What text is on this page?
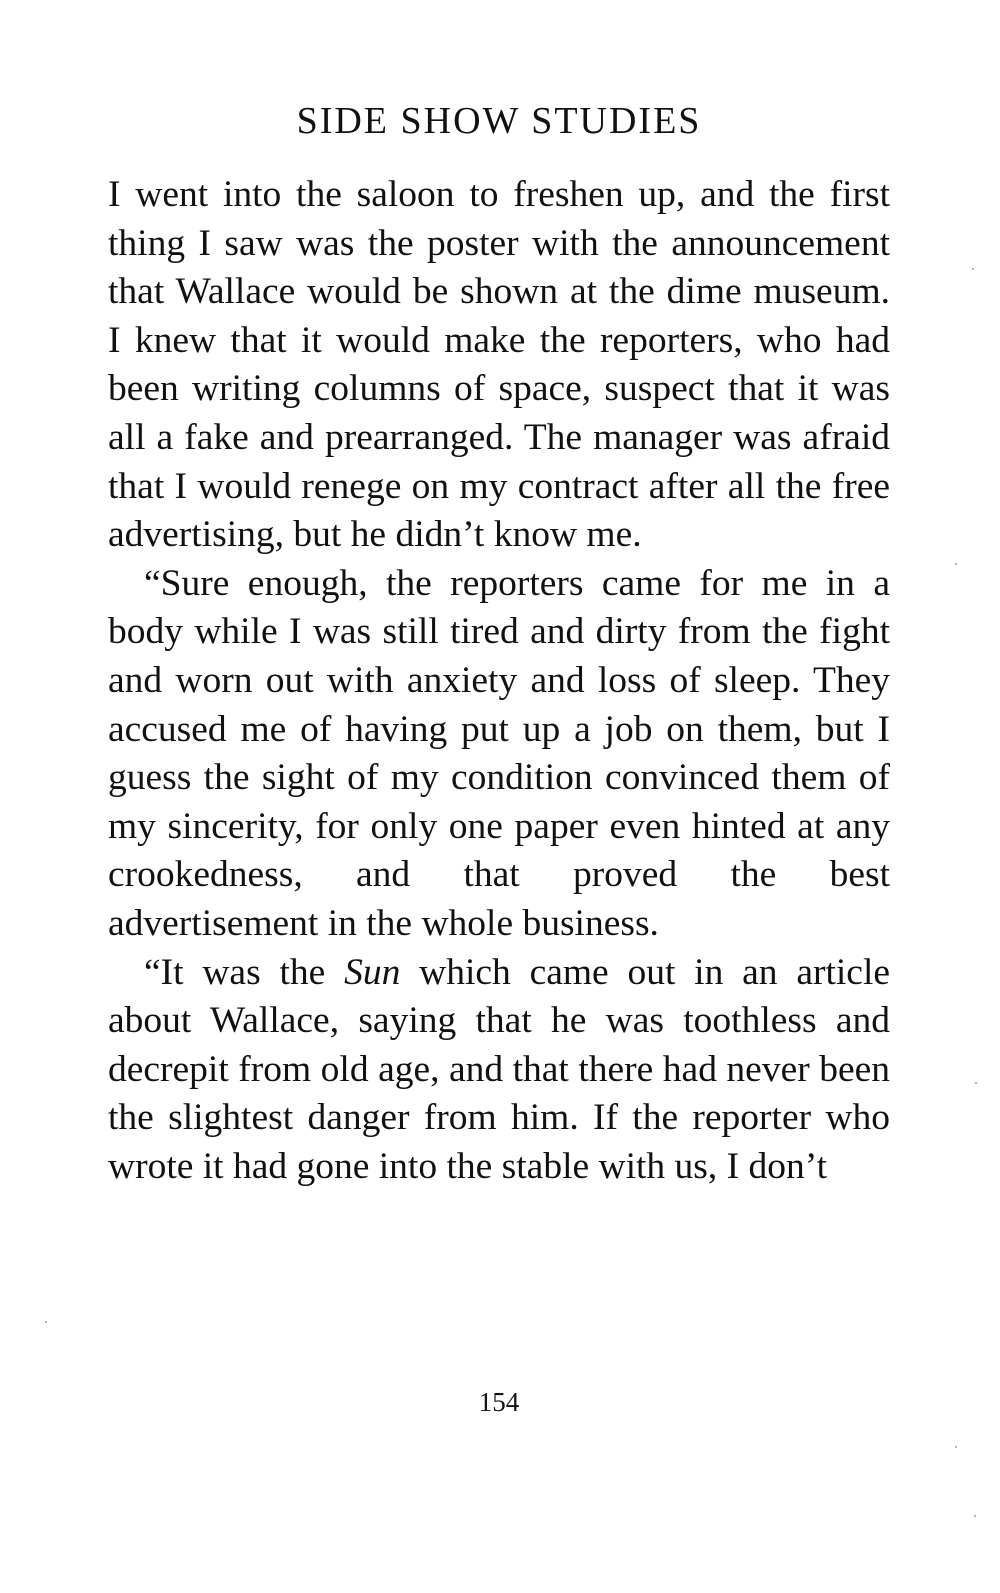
SIDE SHOW STUDIES

I went into the saloon to freshen up, and the first thing I saw was the poster with the announcement that Wallace would be shown at the dime museum. I knew that it would make the reporters, who had been writing columns of space, suspect that it was all a fake and prearranged. The manager was afraid that I would renege on my contract after all the free advertising, but he didn’t know me.

“Sure enough, the reporters came for me in a body while I was still tired and dirty from the fight and worn out with anxiety and loss of sleep. They accused me of having put up a job on them, but I guess the sight of my condition convinced them of my sincerity, for only one paper even hinted at any crookedness, and that proved the best advertisement in the whole business.

“It was the Sun which came out in an article about Wallace, saying that he was toothless and decrepit from old age, and that there had never been the slightest danger from him. If the reporter who wrote it had gone into the stable with us, I don’t

154
